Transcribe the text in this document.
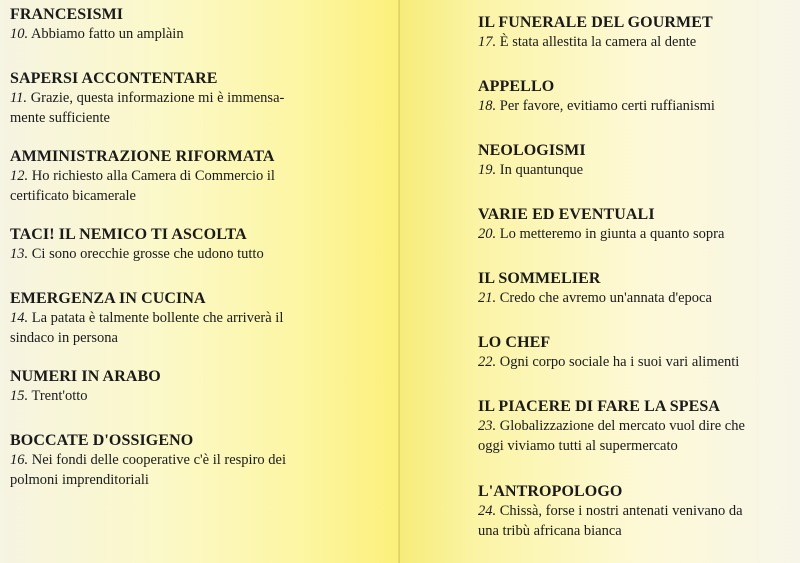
FRANCESISMI
10. Abbiamo fatto un amplàin
SAPERSI ACCONTENTARE
11. Grazie, questa informazione mi è immensa-
mente sufficiente
AMMINISTRAZIONE RIFORMATA
12. Ho richiesto alla Camera di Commercio il
certificato bicamerale
TACI! IL NEMICO TI ASCOLTA
13. Ci sono orecchie grosse che udono tutto
EMERGENZA IN CUCINA
14. La patata è talmente bollente che arriverà il
sindaco in persona
NUMERI IN ARABO
15. Trent'otto
BOCCATE D'OSSIGENO
16. Nei fondi delle cooperative c'è il respiro dei
polmoni imprenditoriali
IL FUNERALE DEL GOURMET
17. È stata allestita la camera al dente
APPELLO
18. Per favore, evitiamo certi ruffianismi
NEOLOGISMI
19. In quantunque
VARIE ED EVENTUALI
20. Lo metteremo in giunta a quanto sopra
IL SOMMELIER
21. Credo che avremo un'annata d'epoca
LO CHEF
22. Ogni corpo sociale ha i suoi vari alimenti
IL PIACERE DI FARE LA SPESA
23. Globalizzazione del mercato vuol dire che
oggi viviamo tutti al supermercato
L'ANTROPOLOGO
24. Chissà, forse i nostri antenati venivano da
una tribù africana bianca
